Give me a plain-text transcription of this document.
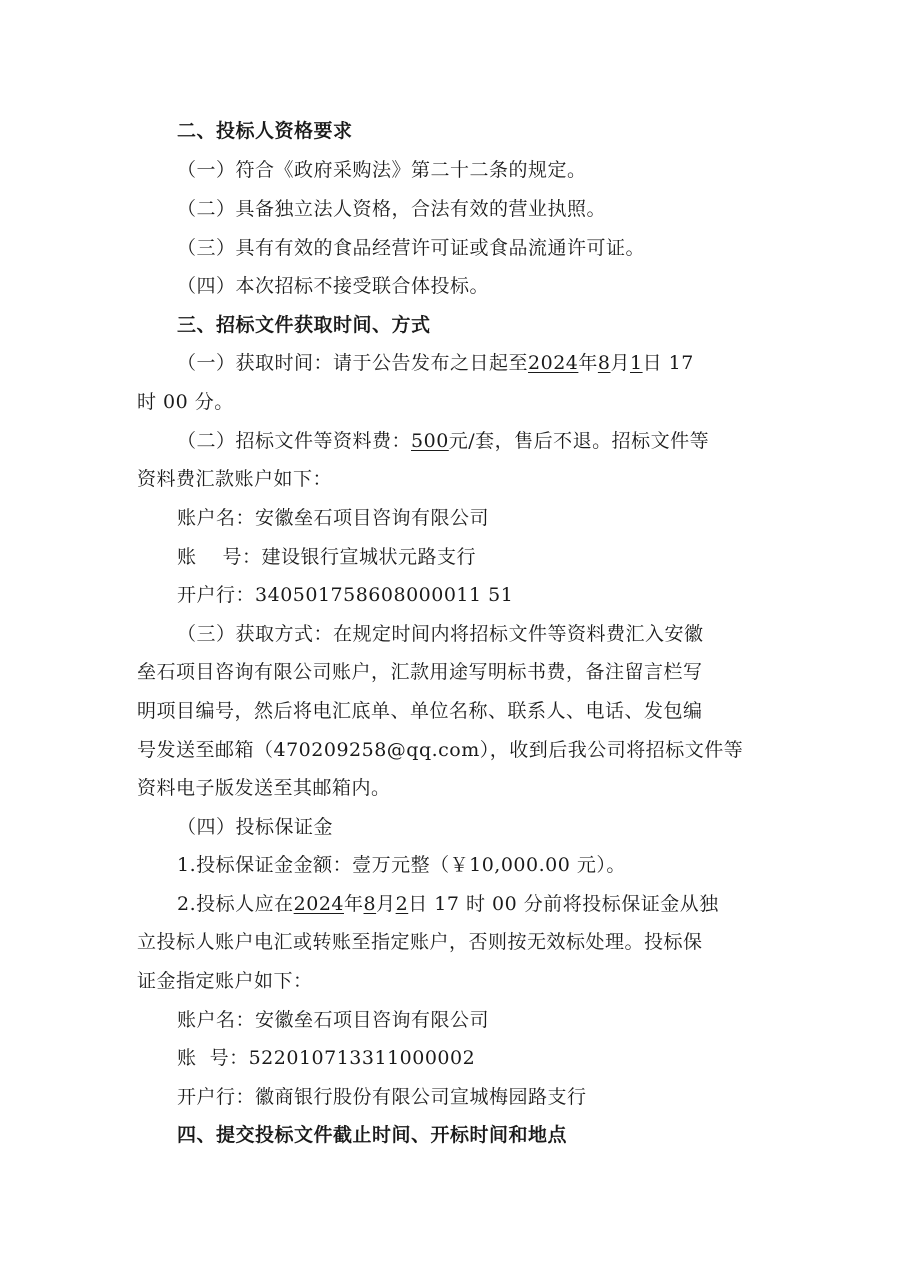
二、投标人资格要求
（一）符合《政府采购法》第二十二条的规定。
（二）具备独立法人资格，合法有效的营业执照。
（三）具有有效的食品经营许可证或食品流通许可证。
（四）本次招标不接受联合体投标。
三、招标文件获取时间、方式
（一）获取时间：请于公告发布之日起至2024年8月1日 17
时 00 分。
（二）招标文件等资料费：500元/套，售后不退。招标文件等
资料费汇款账户如下：
账户名：安徽垒石项目咨询有限公司
账 号：建设银行宣城状元路支行
开户行：340501758608000011 51
（三）获取方式：在规定时间内将招标文件等资料费汇入安徽
垒石项目咨询有限公司账户，汇款用途写明标书费，备注留言栏写
明项目编号，然后将电汇底单、单位名称、联系人、电话、发包编
号发送至邮箱（470209258@qq.com），收到后我公司将招标文件等
资料电子版发送至其邮箱内。
（四）投标保证金
1.投标保证金金额：壹万元整（￥10,000.00 元）。
2.投标人应在2024年8月2日 17 时 00 分前将投标保证金从独
立投标人账户电汇或转账至指定账户，否则按无效标处理。投标保
证金指定账户如下：
账户名：安徽垒石项目咨询有限公司
账  号：522010713311000002
开户行：徽商银行股份有限公司宣城梅园路支行
四、提交投标文件截止时间、开标时间和地点
